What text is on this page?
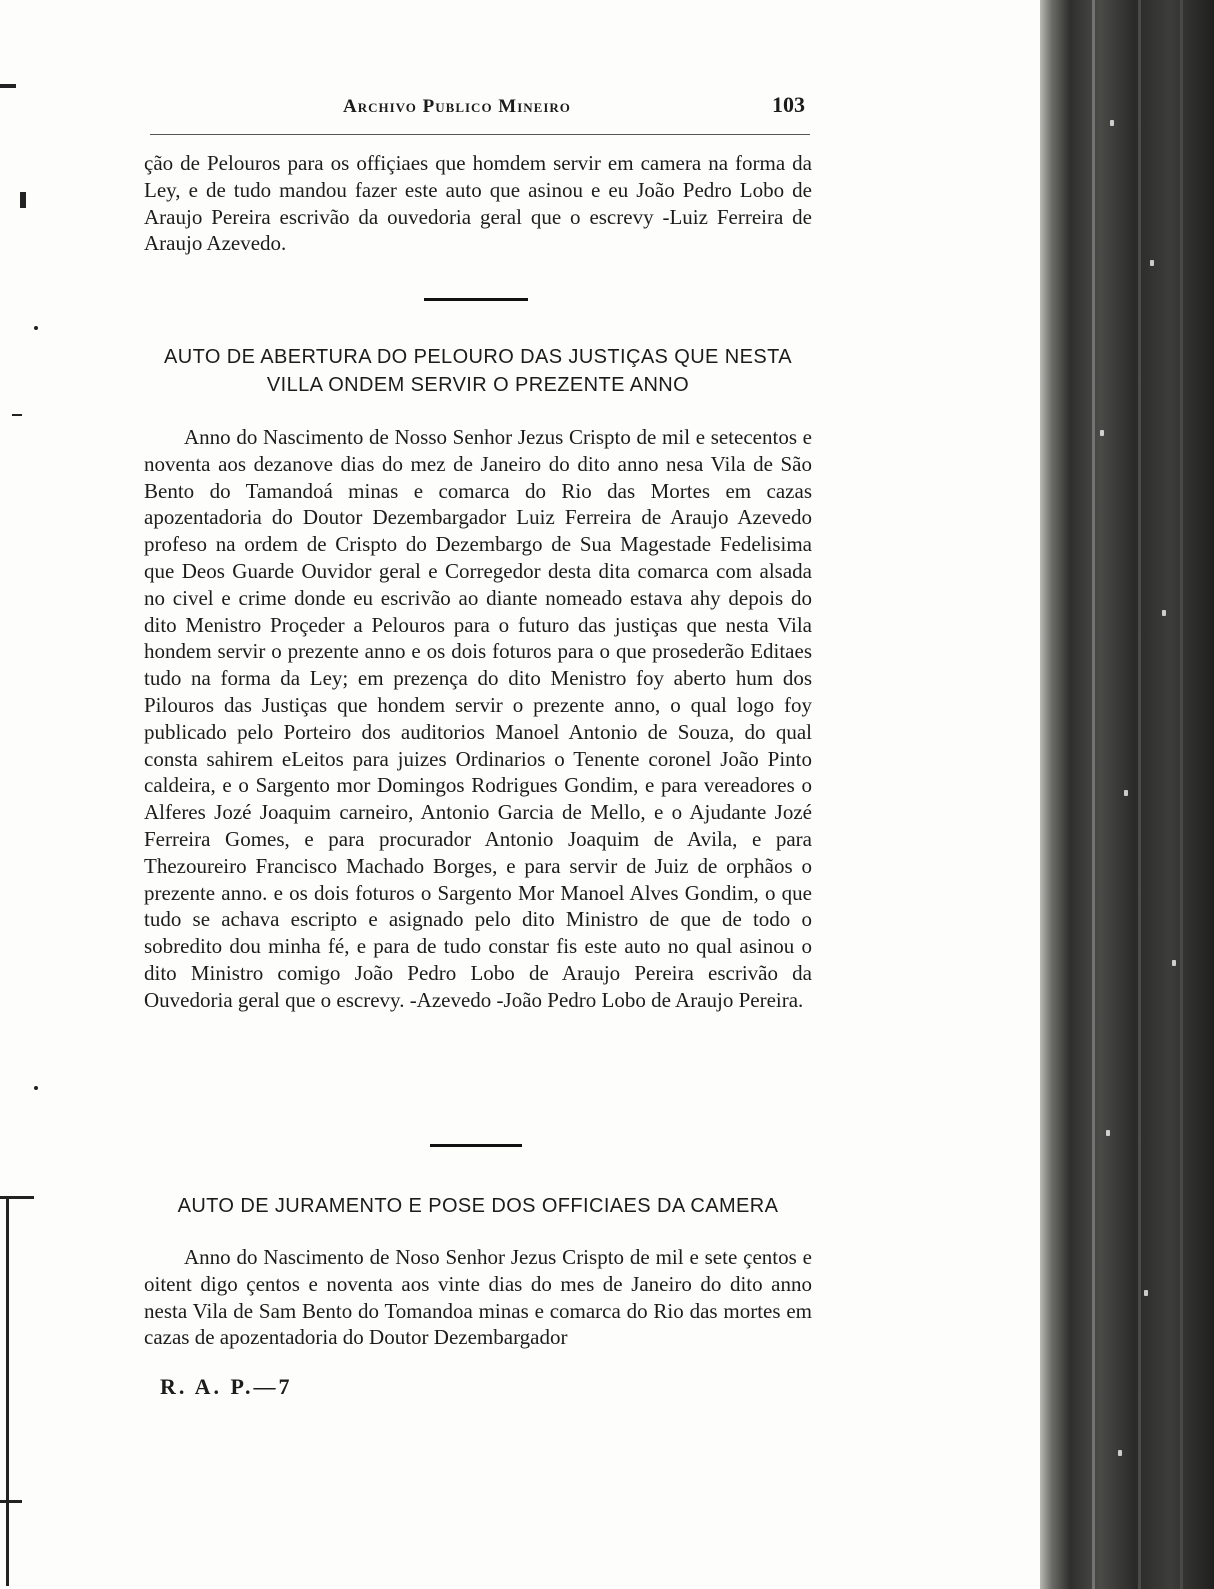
Archivo Publico Mineiro	103

ção de Pelouros para os offiçiaes que homdem servir em camera na forma da Ley, e de tudo mandou fazer este auto que asinou e eu João Pedro Lobo de Araujo Pereira escrivão da ouvedoria geral que o escrevy -Luiz Ferreira de Araujo Azevedo.

AUTO DE ABERTURA DO PELOURO DAS JUSTIÇAS QUE NESTA VILLA ONDEM SERVIR O PREZENTE ANNO

Anno do Nascimento de Nosso Senhor Jezus Crispto de mil e setecentos e noventa aos dezanove dias do mez de Janeiro do dito anno nesa Vila de São Bento do Tamandoá minas e comarca do Rio das Mortes em cazas apozentadoria do Doutor Dezembargador Luiz Ferreira de Araujo Azevedo profeso na ordem de Crispto do Dezembargo de Sua Magestade Fedelisima que Deos Guarde Ouvidor geral e Corregedor desta dita comarca com alsada no civel e crime donde eu escrivão ao diante nomeado estava ahy depois do dito Menistro Proçeder a Pelouros para o futuro das justiças que nesta Vila hondem servir o prezente anno e os dois foturos para o que prosederão Editaes tudo na forma da Ley; em prezença do dito Menistro foy aberto hum dos Pilouros das Justiças que hondem servir o prezente anno, o qual logo foy publicado pelo Porteiro dos auditorios Manoel Antonio de Souza, do qual consta sahirem eLeitos para juizes Ordinarios o Tenente coronel João Pinto caldeira, e o Sargento mor Domingos Rodrigues Gondim, e para vereadores o Alferes Jozé Joaquim carneiro, Antonio Garcia de Mello, e o Ajudante Jozé Ferreira Gomes, e para procurador Antonio Joaquim de Avila, e para Thezoureiro Francisco Machado Borges, e para servir de Juiz de orphãos o prezente anno. e os dois foturos o Sargento Mor Manoel Alves Gondim, o que tudo se achava escripto e asignado pelo dito Ministro de que de todo o sobredito dou minha fé, e para de tudo constar fis este auto no qual asinou o dito Ministro comigo João Pedro Lobo de Araujo Pereira escrivão da Ouvedoria geral que o escrevy. -Azevedo -João Pedro Lobo de Araujo Pereira.

AUTO DE JURAMENTO E POSE DOS OFFICIAES DA CAMERA

Anno do Nascimento de Noso Senhor Jezus Crispto de mil e sete çentos e oitent digo çentos e noventa aos vinte dias do mes de Janeiro do dito anno nesta Vila de Sam Bento do Tomandoa minas e comarca do Rio das mortes em cazas de apozentadoria do Doutor Dezembargador

R. A. P.—7
